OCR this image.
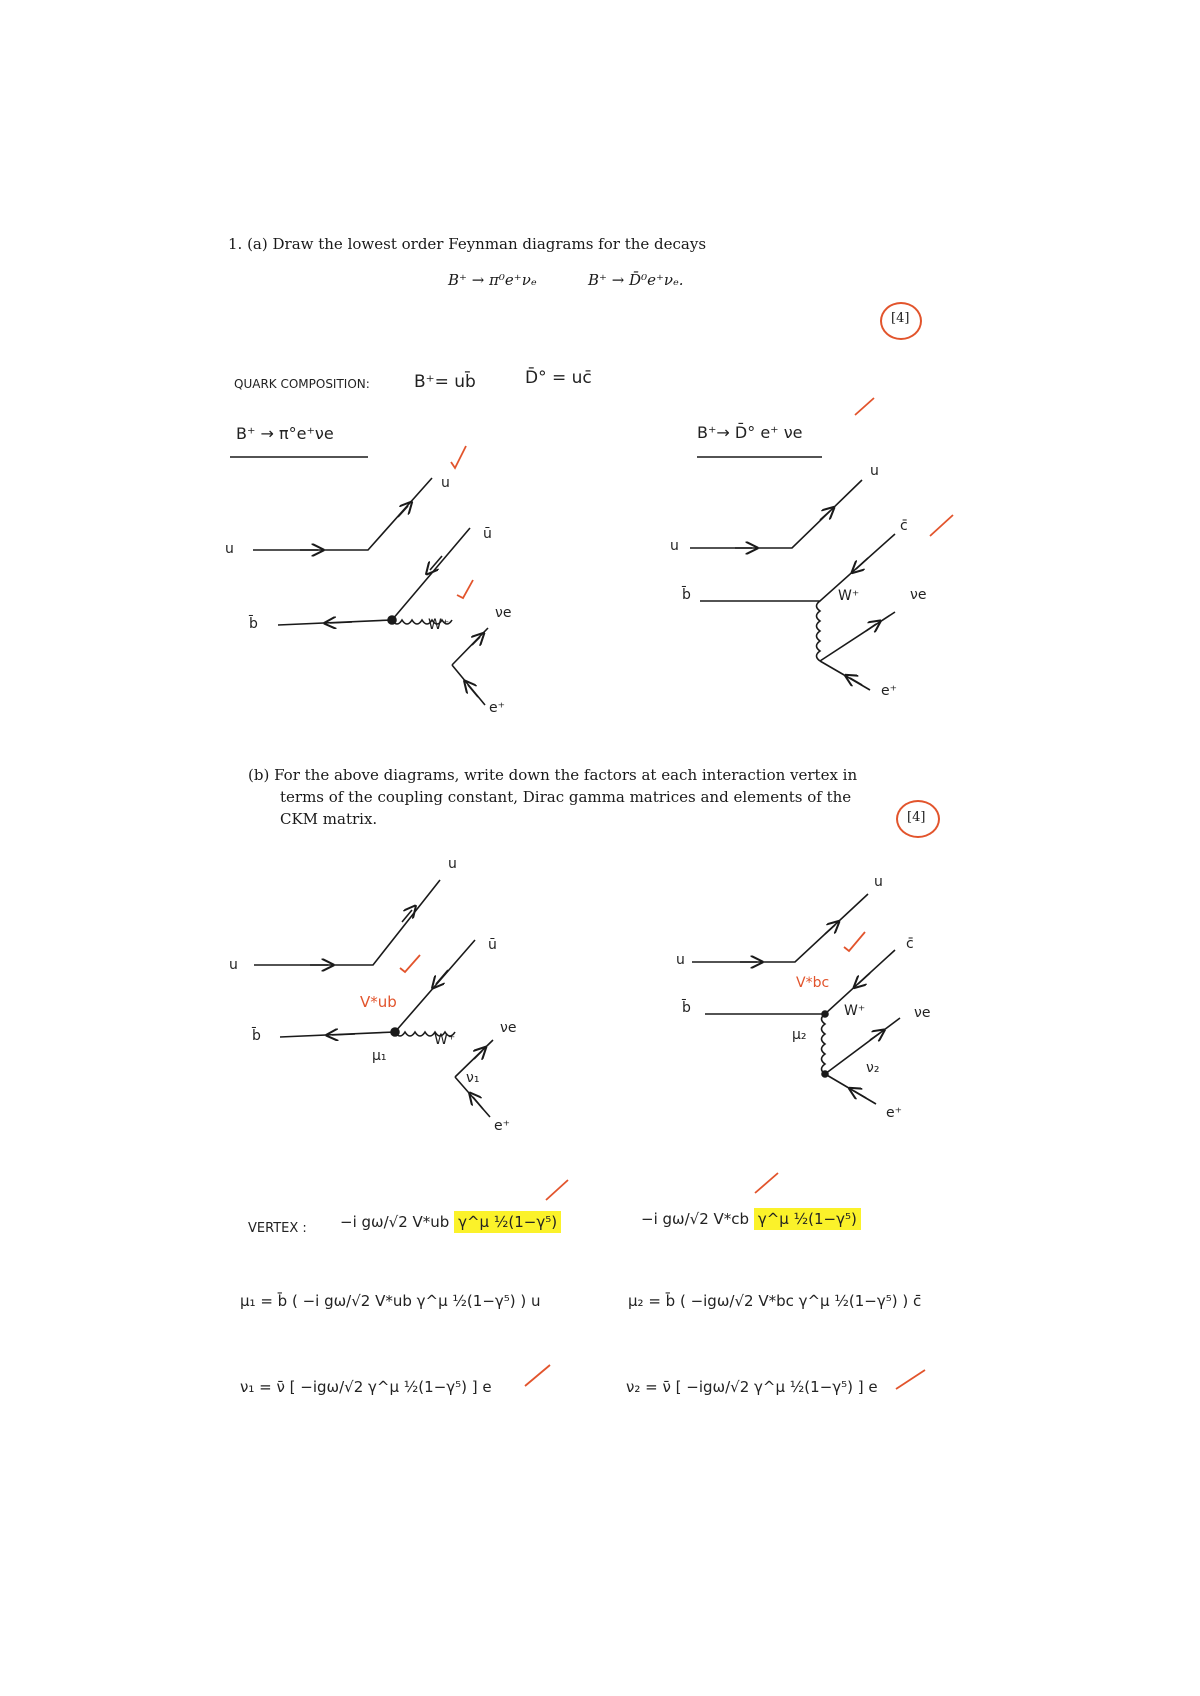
1. (a) Draw the lowest order Feynman diagrams for the decays
B⁺ → π⁰e⁺νₑ	B⁺ → D̄⁰e⁺νₑ.
[4]
(b) For the above diagrams, write down the factors at each interaction vertex in
terms of the coupling constant, Dirac gamma matrices and elements of the
CKM matrix.	[4]
QUARK COMPOSITION:	B⁺= ub̄	D̄° = uc̄
B⁺ → π°e⁺νe	B⁺→ D̄° e⁺ νe
u
u
ū
b̄	W⁺
νe
e⁺
u
u
c̄
b̄	W⁺	νe
e⁺
u
u
ū
b̄
V*ub
μ₁
W⁺
νe
ν₁
e⁺
u
u
c̄
b̄
V*bc
μ₂
W⁺	νe
ν₂
e⁺
VERTEX : −i gω/√2 V*ub γ^μ ½(1−γ⁵)	−i gω/√2 V*cb γ^μ ½(1−γ⁵)
μ₁ = b̄ ( −i gω/√2 V*ub γ^μ ½(1−γ⁵) ) u
ν₁ = ν̄ [ −igω/√2 γ^μ ½(1−γ⁵) ] e
μ₂ = b̄ ( −igω/√2 V*bc γ^μ ½(1−γ⁵) ) c̄
ν₂ = ν̄ [ −igω/√2 γ^μ ½(1−γ⁵) ] e
